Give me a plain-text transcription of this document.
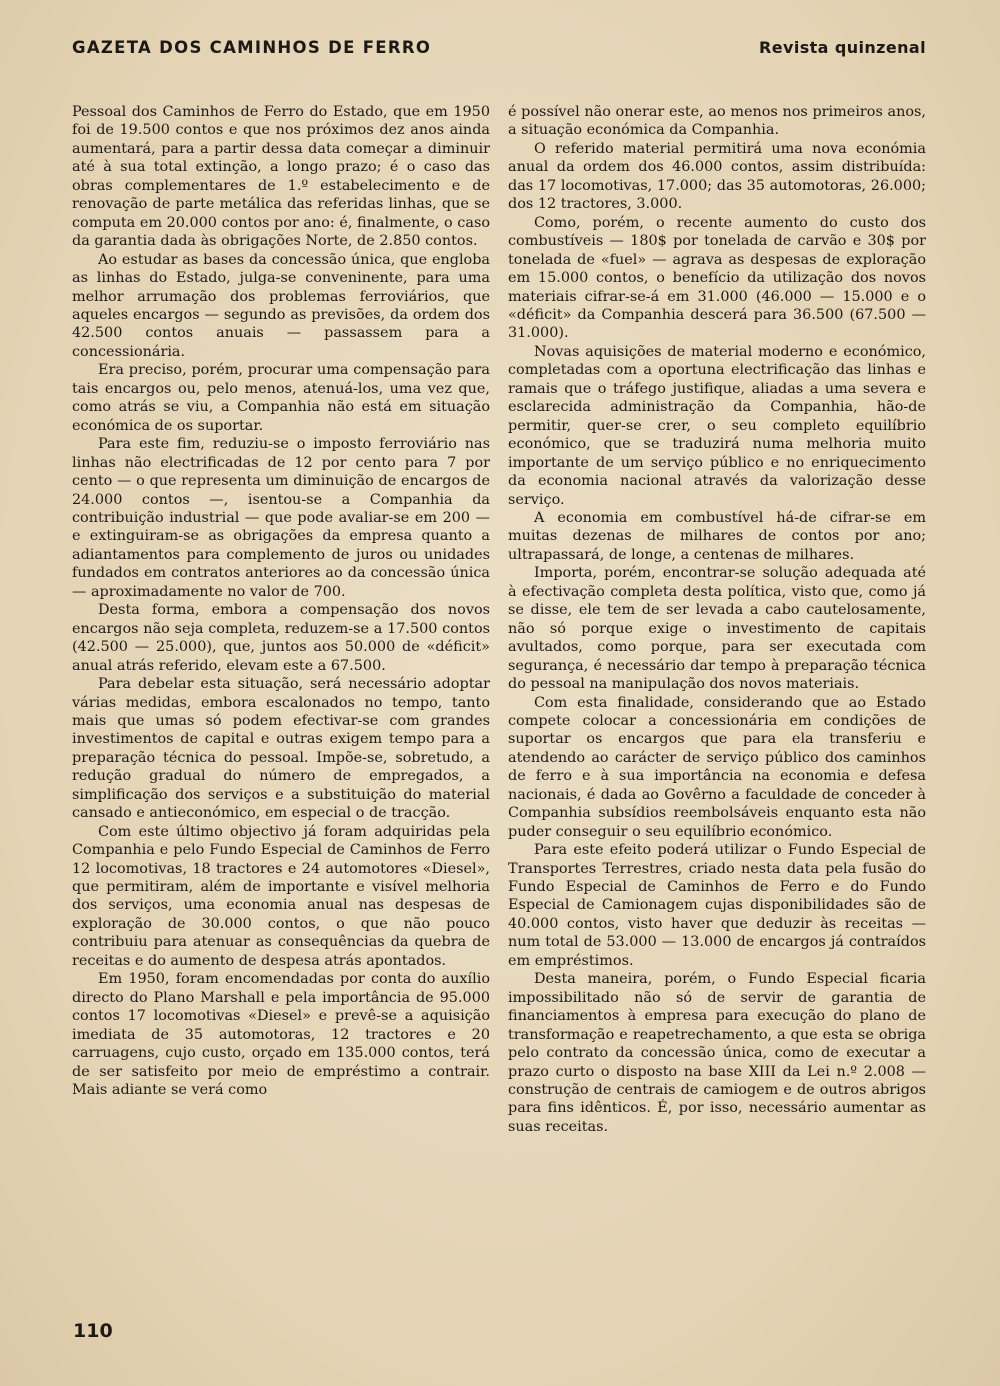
GAZETA DOS CAMINHOS DE FERRO	Revista quinzenal

Pessoal dos Caminhos de Ferro do Estado, que em 1950 foi de 19.500 contos e que nos próximos dez anos ainda aumentará, para a partir dessa data começar a diminuir até à sua total extinção, a longo prazo; é o caso das obras complementares de 1.º estabelecimento e de renovação de parte metálica das referidas linhas, que se computa em 20.000 contos por ano: é, finalmente, o caso da garantia dada às obrigações Norte, de 2.850 contos.

Ao estudar as bases da concessão única, que engloba as linhas do Estado, julga-se conveninente, para uma melhor arrumação dos problemas ferroviários, que aqueles encargos — segundo as previsões, da ordem dos 42.500 contos anuais — passassem para a concessionária.

Era preciso, porém, procurar uma compensação para tais encargos ou, pelo menos, atenuá-los, uma vez que, como atrás se viu, a Companhia não está em situação económica de os suportar.

Para este fim, reduziu-se o imposto ferroviário nas linhas não electrificadas de 12 por cento para 7 por cento — o que representa um diminuição de encargos de 24.000 contos —, isentou-se a Companhia da contribuição industrial — que pode avaliar-se em 200 — e extinguiram-se as obrigações da empresa quanto a adiantamentos para complemento de juros ou unidades fundados em contratos anteriores ao da concessão única — aproximadamente no valor de 700.

Desta forma, embora a compensação dos novos encargos não seja completa, reduzem-se a 17.500 contos (42.500 — 25.000), que, juntos aos 50.000 de «déficit» anual atrás referido, elevam este a 67.500.

Para debelar esta situação, será necessário adoptar várias medidas, embora escalonados no tempo, tanto mais que umas só podem efectivar-se com grandes investimentos de capital e outras exigem tempo para a preparação técnica do pessoal. Impõe-se, sobretudo, a redução gradual do número de empregados, a simplificação dos serviços e a substituição do material cansado e antieconómico, em especial o de tracção.

Com este último objectivo já foram adquiridas pela Companhia e pelo Fundo Especial de Caminhos de Ferro 12 locomotivas, 18 tractores e 24 automotores «Diesel», que permitiram, além de importante e visível melhoria dos serviços, uma economia anual nas despesas de exploração de 30.000 contos, o que não pouco contribuiu para atenuar as consequências da quebra de receitas e do aumento de despesa atrás apontados.

Em 1950, foram encomendadas por conta do auxílio directo do Plano Marshall e pela importância de 95.000 contos 17 locomotivas «Diesel» e prevê-se a aquisição imediata de 35 automotoras, 12 tractores e 20 carruagens, cujo custo, orçado em 135.000 contos, terá de ser satisfeito por meio de empréstimo a contrair. Mais adiante se verá como

é possível não onerar este, ao menos nos primeiros anos, a situação económica da Companhia.

O referido material permitirá uma nova económia anual da ordem dos 46.000 contos, assim distribuída: das 17 locomotivas, 17.000; das 35 automotoras, 26.000; dos 12 tractores, 3.000.

Como, porém, o recente aumento do custo dos combustíveis — 180$ por tonelada de carvão e 30$ por tonelada de «fuel» — agrava as despesas de exploração em 15.000 contos, o benefício da utilização dos novos materiais cifrar-se-á em 31.000 (46.000 — 15.000 e o «déficit» da Companhia descerá para 36.500 (67.500 — 31.000).

Novas aquisições de material moderno e económico, completadas com a oportuna electrificação das linhas e ramais que o tráfego justifique, aliadas a uma severa e esclarecida administração da Companhia, hão-de permitir, quer-se crer, o seu completo equilíbrio económico, que se traduzirá numa melhoria muito importante de um serviço público e no enriquecimento da economia nacional através da valorização desse serviço.

A economia em combustível há-de cifrar-se em muitas dezenas de milhares de contos por ano; ultrapassará, de longe, a centenas de milhares.

Importa, porém, encontrar-se solução adequada até à efectivação completa desta política, visto que, como já se disse, ele tem de ser levada a cabo cautelosamente, não só porque exige o investimento de capitais avultados, como porque, para ser executada com segurança, é necessário dar tempo à preparação técnica do pessoal na manipulação dos novos materiais.

Com esta finalidade, considerando que ao Estado compete colocar a concessionária em condições de suportar os encargos que para ela transferiu e atendendo ao carácter de serviço público dos caminhos de ferro e à sua importância na economia e defesa nacionais, é dada ao Govêrno a faculdade de conceder à Companhia subsídios reembolsáveis enquanto esta não puder conseguir o seu equilíbrio económico.

Para este efeito poderá utilizar o Fundo Especial de Transportes Terrestres, criado nesta data pela fusão do Fundo Especial de Caminhos de Ferro e do Fundo Especial de Camionagem cujas disponibilidades são de 40.000 contos, visto haver que deduzir às receitas — num total de 53.000 — 13.000 de encargos já contraídos em empréstimos.

Desta maneira, porém, o Fundo Especial ficaria impossibilitado não só de servir de garantia de financiamentos à empresa para execução do plano de transformação e reapetrechamento, a que esta se obriga pelo contrato da concessão única, como de executar a prazo curto o disposto na base XIII da Lei n.º 2.008 — construção de centrais de camiogem e de outros abrigos para fins idênticos. É, por isso, necessário aumentar as suas receitas.

110
